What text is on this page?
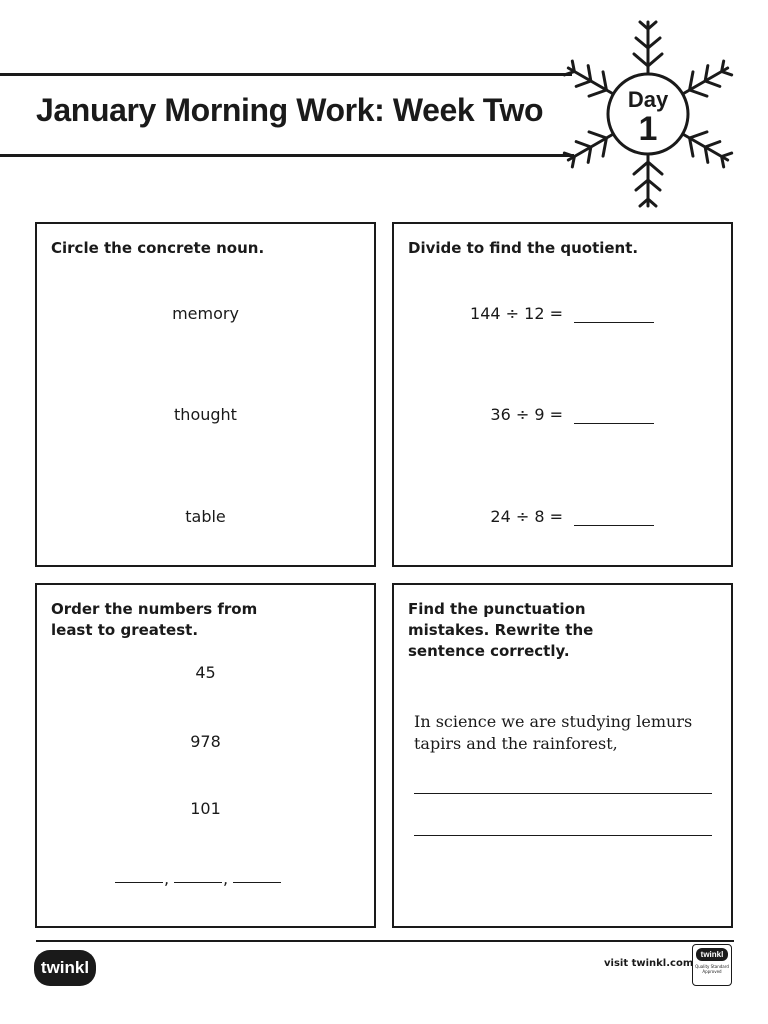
January Morning Work: Week Two	Day
1

Circle the concrete noun.

memory
thought
table

Divide to find the quotient.

144 ÷ 12 =
36 ÷ 9 =
24 ÷ 8 =

Order the numbers from least to greatest.

45
978
101
,	,

Find the punctuation mistakes. Rewrite the sentence correctly.

In science we are studying lemurs tapirs and the rainforest,
twinkl	visit twinkl.com
twinkl
Quality Standard Approved
